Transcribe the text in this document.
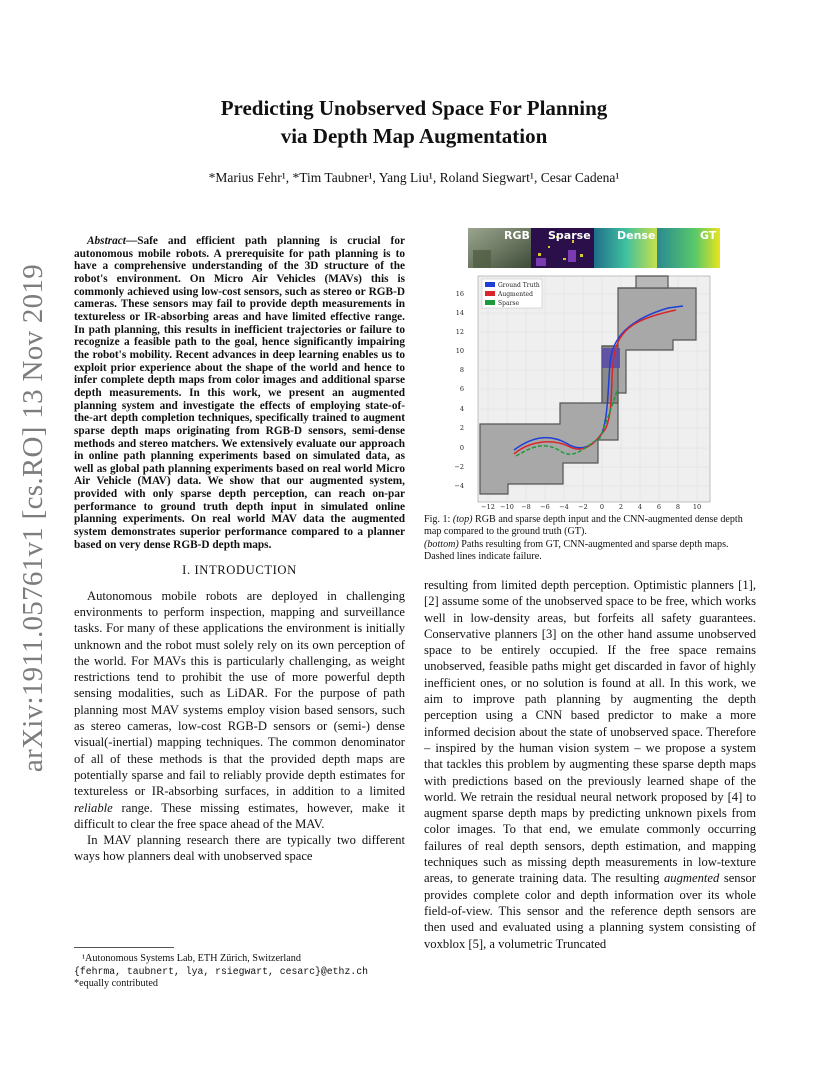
arXiv:1911.05761v1 [cs.RO] 13 Nov 2019
Predicting Unobserved Space For Planning
via Depth Map Augmentation
*Marius Fehr¹, *Tim Taubner¹, Yang Liu¹, Roland Siegwart¹, Cesar Cadena¹

Abstract—Safe and efficient path planning is crucial for autonomous mobile robots. A prerequisite for path planning is to have a comprehensive understanding of the 3D structure of the robot's environment. On Micro Air Vehicles (MAVs) this is commonly achieved using low-cost sensors, such as stereo or RGB-D cameras. These sensors may fail to provide depth measurements in textureless or IR-absorbing areas and have limited effective range. In path planning, this results in inefficient trajectories or failure to recognize a feasible path to the goal, hence significantly impairing the robot's mobility. Recent advances in deep learning enables us to exploit prior experience about the shape of the world and hence to infer complete depth maps from color images and additional sparse depth measurements. In this work, we present an augmented planning system and investigate the effects of employing state-of-the-art depth completion techniques, specifically trained to augment sparse depth maps originating from RGB-D sensors, semi-dense methods and stereo matchers. We extensively evaluate our approach in online path planning experiments based on simulated data, as well as global path planning experiments based on real world Micro Air Vehicle (MAV) data. We show that our augmented system, provided with only sparse depth perception, can reach on-par performance to ground truth depth input in simulated online planning experiments. On real world MAV data the augmented system demonstrates superior performance compared to a planner based on very dense RGB-D depth maps.

I. INTRODUCTION

Autonomous mobile robots are deployed in challenging environments to perform inspection, mapping and surveillance tasks. For many of these applications the environment is initially unknown and the robot must solely rely on its own perception of the world. For MAVs this is particularly challenging, as weight restrictions tend to prohibit the use of more powerful depth sensing modalities, such as LiDAR. For the purpose of path planning most MAV systems employ vision based sensors, such as stereo cameras, low-cost RGB-D sensors or (semi-) dense visual(-inertial) mapping techniques. The common denominator of all of these methods is that the provided depth maps are potentially sparse and fail to reliably provide depth estimates for textureless or IR-absorbing surfaces, in addition to a limited reliable range. These missing estimates, however, make it difficult to clear the free space ahead of the MAV.

In MAV planning research there are typically two different ways how planners deal with unobserved space

¹Autonomous Systems Lab, ETH Zürich, Switzerland
{fehrma, taubnert, lya, rsiegwart, cesarc}@ethz.ch
*equally contributed
RGB Sparse Dense	GT
Ground Truth
Augmented
Sparse
16
14
12
10
8
6
4
2
0
−2
−4
−12 −10 −8 −6 −4 −2 0 2 4 6 8 10
Fig. 1: (top) RGB and sparse depth input and the CNN-augmented dense depth map compared to the ground truth (GT).
(bottom) Paths resulting from GT, CNN-augmented and sparse depth maps. Dashed lines indicate failure.

resulting from limited depth perception. Optimistic planners [1], [2] assume some of the unobserved space to be free, which works well in low-density areas, but forfeits all safety guarantees. Conservative planners [3] on the other hand assume unobserved space to be entirely occupied. If the free space remains unobserved, feasible paths might get discarded in favor of highly inefficient ones, or no solution is found at all. In this work, we aim to improve path planning by augmenting the depth perception using a CNN based predictor to make a more informed decision about the state of unobserved space. Therefore – inspired by the human vision system – we propose a system that tackles this problem by augmenting these sparse depth maps with predictions based on the previously learned shape of the world. We retrain the residual neural network proposed by [4] to augment sparse depth maps by predicting unknown pixels from color images. To that end, we emulate commonly occurring failures of real depth sensors, depth estimation, and mapping techniques such as missing depth measurements in low-texture areas, to generate training data. The resulting augmented sensor provides complete color and depth information over its whole field-of-view. This sensor and the reference depth sensors are then used and evaluated using a planning system consisting of voxblox [5], a volumetric Truncated
